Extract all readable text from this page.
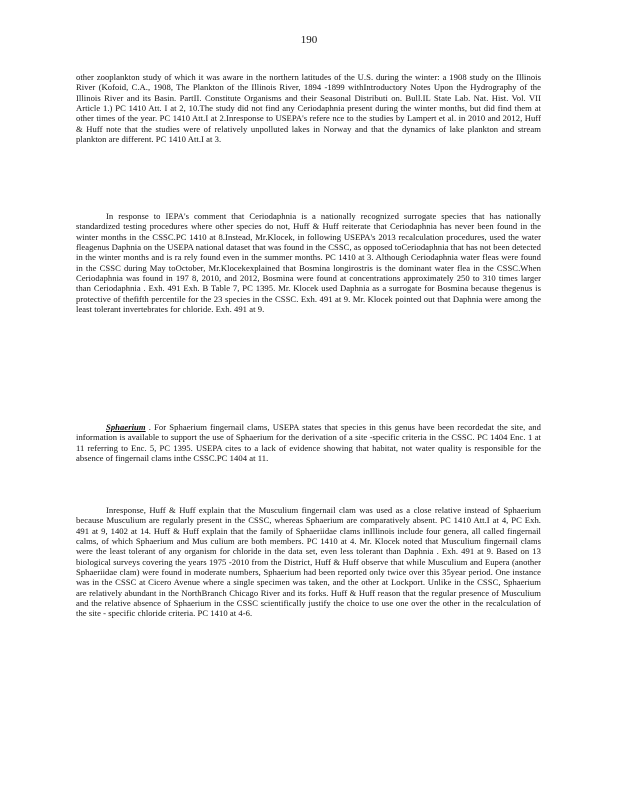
190
other zooplankton study of which it was aware in the northern latitudes of the U.S. during the winter: a 1908 study on the Illinois River (Kofoid, C.A., 1908, The Plankton of the Illinois River, 1894 -1899 withIntroductory Notes Upon the Hydrography of the Illinois River and its Basin. PartII. Constitute Organisms and their Seasonal Distributi on. Bull.IL State Lab. Nat. Hist. Vol. VII Article 1.) PC 1410 Att. I at 2, 10.The study did not find any Ceriodaphnia present during the winter months, but did find them at other times of the year. PC 1410 Att.I at 2.Inresponse to USEPA's refere nce to the studies by Lampert et al. in 2010 and 2012, Huff & Huff note that the studies were of relatively unpolluted lakes in Norway and that the dynamics of lake plankton and stream plankton are different. PC 1410 Att.I at 3.
In response to IEPA's comment that Ceriodaphnia is a nationally recognized surrogate species that has nationally standardized testing procedures where other species do not, Huff & Huff reiterate that Ceriodaphnia has never been found in the winter months in the CSSC.PC 1410 at 8.Instead, Mr.Klocek, in following USEPA's 2013 recalculation procedures, used the water fleagenus Daphnia on the USEPA national dataset that was found in the CSSC, as opposed toCeriodaphnia that has not been detected in the winter months and is ra rely found even in the summer months. PC 1410 at 3. Although Ceriodaphnia water fleas were found in the CSSC during May toOctober, Mr.Klocekexplained that Bosmina longirostris is the dominant water flea in the CSSC.When Ceriodaphnia was found in 197 8, 2010, and 2012, Bosmina were found at concentrations approximately 250 to 310 times larger than Ceriodaphnia . Exh. 491 Exh. B Table 7, PC 1395. Mr. Klocek used Daphnia as a surrogate for Bosmina because thegenus is protective of thefifth percentile for the 23 species in the CSSC. Exh. 491 at 9. Mr. Klocek pointed out that Daphnia were among the least tolerant invertebrates for chloride. Exh. 491 at 9.
Sphaerium . For Sphaerium fingernail clams, USEPA states that species in this genus have been recordedat the site, and information is available to support the use of Sphaerium for the derivation of a site -specific criteria in the CSSC. PC 1404 Enc. 1 at 11 referring to Enc. 5, PC 1395. USEPA cites to a lack of evidence showing that habitat, not water quality is responsible for the absence of fingernail clams inthe CSSC.PC 1404 at 11.
Inresponse, Huff & Huff explain that the Musculium fingernail clam was used as a close relative instead of Sphaerium because Musculium are regularly present in the CSSC, whereas Sphaerium are comparatively absent. PC 1410 Att.I at 4, PC Exh. 491 at 9, 1402 at 14. Huff & Huff explain that the family of Sphaeriidae clams inIllinois include four genera, all called fingernail calms, of which Sphaerium and Mus culium are both members. PC 1410 at 4. Mr. Klocek noted that Musculium fingernail clams were the least tolerant of any organism for chloride in the data set, even less tolerant than Daphnia . Exh. 491 at 9. Based on 13 biological surveys covering the years 1975 -2010 from the District, Huff & Huff observe that while Musculium and Eupera (another Sphaeriidae clam) were found in moderate numbers, Sphaerium had been reported only twice over this 35year period. One instance was in the CSSC at Cicero Avenue where a single specimen was taken, and the other at Lockport. Unlike in the CSSC, Sphaerium are relatively abundant in the NorthBranch Chicago River and its forks. Huff & Huff reason that the regular presence of Musculium and the relative absence of Sphaerium in the CSSC scientifically justify the choice to use one over the other in the recalculation of the site - specific chloride criteria. PC 1410 at 4-6.
